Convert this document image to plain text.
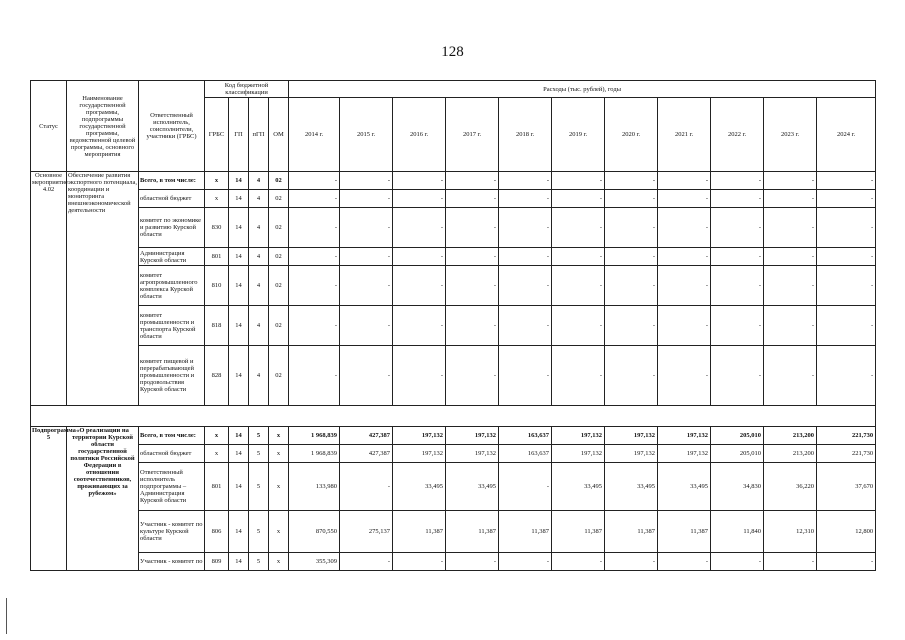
128
Статус	Наименование государственной программы, подпрограммы государственной программы, ведомственной целевой программы, основного мероприятия	Ответственный исполнитель, соисполнители, участники (ГРБС)	Код бюджетной классификации				Расходы (тыс. рублей), годы										
			ГРБС	ГП	пГП	ОМ	2014 г.	2015 г.	2016 г.	2017 г.	2018 г.	2019 г.	2020 г.	2021 г.	2022 г.	2023 г.	2024 г.
Основное мероприятие 4.02	Обеспечение развития экспортного потенциала, координации и мониторинга внешнеэкономической деятельности	Всего, в том числе:	х	14	4	02	-	-	-	-	-	-	-	-	-	-	-
		областной бюджет	х	14	4	02	-	-	-	-	-	-	-	-	-	-	-
		комитет по экономике и развитию Курской области	830	14	4	02	-	-	-	-	-	-	-	-	-	-	-
		Администрация Курской области	801	14	4	02	-	-	-	-	-	-	-	-	-	-	-
		комитет агропромышленного комплекса Курской области	810	14	4	02	-	-	-	-	-	-	-	-	-	-	-
		комитет промышленности и транспорта Курской области	818	14	4	02	-	-	-	-	-	-	-	-	-	-	-
		комитет пищевой и перерабатывающей промышленности и продовольствия Курской области	828	14	4	02	-	-	-	-	-	-	-	-	-	-	-

Подпрограмма 5	«О реализации на территории Курской области государственной политики Российской Федерации в отношении соотечественников, проживающих за рубежом»	Всего, в том числе:	х	14	5	х	1 968,839	427,387	197,132	197,132	163,637	197,132	197,132	197,132	205,010	213,200	221,730
		областной бюджет	х	14	5	х	1 968,839	427,387	197,132	197,132	163,637	197,132	197,132	197,132	205,010	213,200	221,730
		Ответственный исполнитель подпрограммы – Администрация Курской области	801	14	5	х	133,980	-	33,495	33,495	-	33,495	33,495	33,495	34,830	36,220	37,670
		Участник - комитет по культуре Курской области	806	14	5	х	870,550	275,137	11,387	11,387	11,387	11,387	11,387	11,387	11,840	12,310	12,800
		Участник - комитет по	809	14	5	х	355,309	-	-	-	-	-	-	-	-	-	-
